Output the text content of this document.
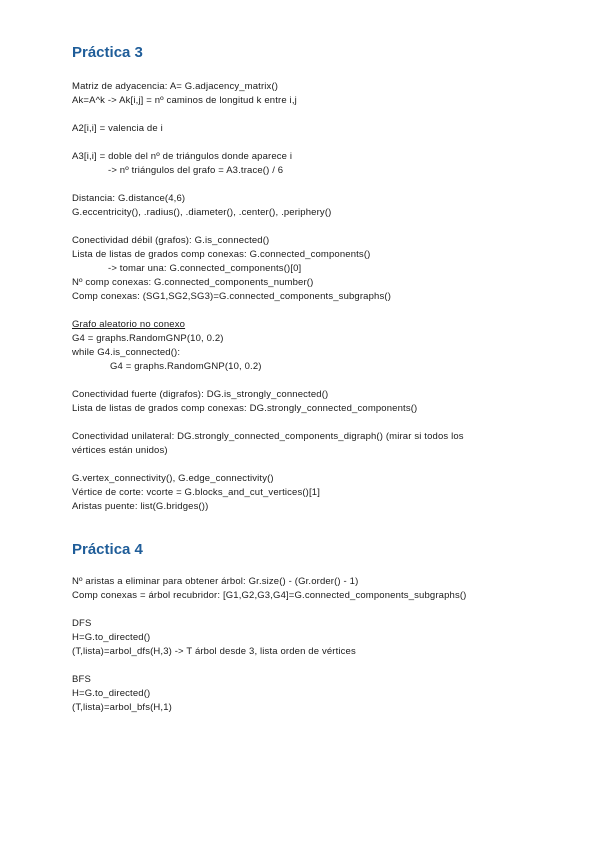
Práctica 3
Matriz de adyacencia: A= G.adjacency_matrix()
Ak=A^k -> Ak[i,j] = nº caminos de longitud k entre i,j
A2[i,i] = valencia de i
A3[i,i] = doble del nº de triángulos donde aparece i
-> nº triángulos del grafo = A3.trace() / 6
Distancia: G.distance(4,6)
G.eccentricity(), .radius(), .diameter(), .center(), .periphery()
Conectividad débil (grafos): G.is_connected()
Lista de listas de grados comp conexas: G.connected_components()
-> tomar una: G.connected_components()[0]
Nº comp conexas: G.connected_components_number()
Comp conexas: (SG1,SG2,SG3)=G.connected_components_subgraphs()
Grafo aleatorio no conexo
G4 = graphs.RandomGNP(10, 0.2)
while G4.is_connected():
G4 = graphs.RandomGNP(10, 0.2)
Conectividad fuerte (digrafos): DG.is_strongly_connected()
Lista de listas de grados comp conexas: DG.strongly_connected_components()
Conectividad unilateral: DG.strongly_connected_components_digraph() (mirar si todos los
vértices están unidos)
G.vertex_connectivity(), G.edge_connectivity()
Vértice de corte: vcorte = G.blocks_and_cut_vertices()[1]
Aristas puente: list(G.bridges())
Práctica 4
Nº aristas a eliminar para obtener árbol: Gr.size() - (Gr.order() - 1)
Comp conexas = árbol recubridor: [G1,G2,G3,G4]=G.connected_components_subgraphs()
DFS
H=G.to_directed()
(T,lista)=arbol_dfs(H,3) -> T árbol desde 3, lista orden de vértices
BFS
H=G.to_directed()
(T,lista)=arbol_bfs(H,1)
